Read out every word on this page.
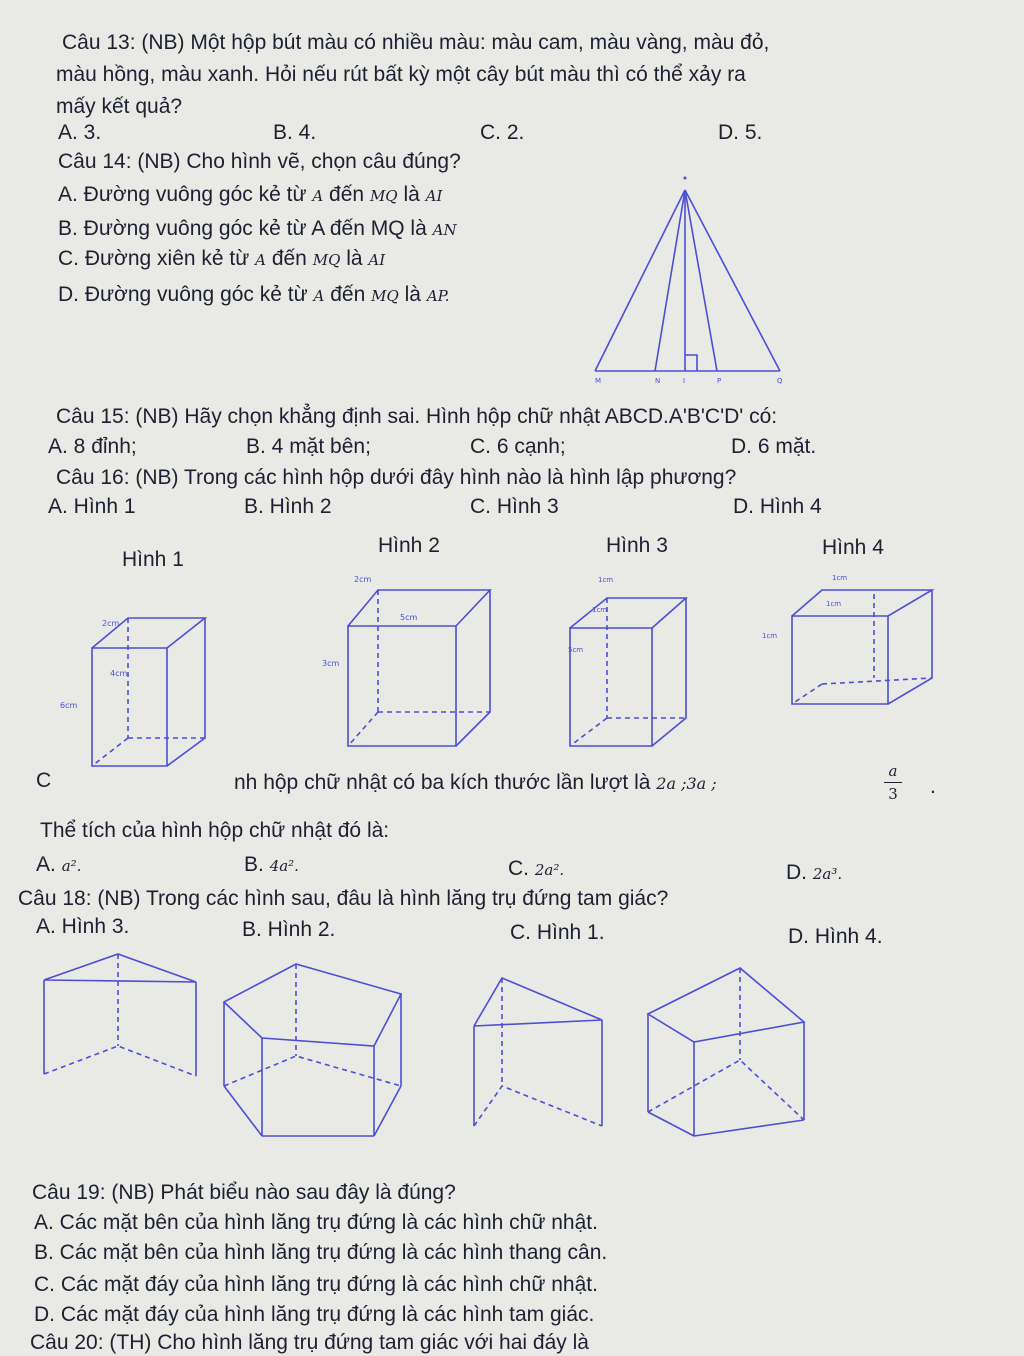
Câu 13: (NB) Một hộp bút màu có nhiều màu: màu cam, màu vàng, màu đỏ,
màu hồng, màu xanh. Hỏi nếu rút bất kỳ một cây bút màu thì có thể xảy ra
mấy kết quả?
A. 3.	B. 4.	C. 2.	D. 5.
Câu 14: (NB) Cho hình vẽ, chọn câu đúng?
A. Đường vuông góc kẻ từ A đến MQ là AI
B. Đường vuông góc kẻ từ A đến MQ là AN
C. Đường xiên kẻ từ A đến MQ là AI
D. Đường vuông góc kẻ từ A đến MQ là AP.
M	N	I	P	Q
Câu 15: (NB) Hãy chọn khẳng định sai. Hình hộp chữ nhật ABCD.A'B'C'D' có:
A. 8 đỉnh;	B. 4 mặt bên;	C. 6 cạnh;	D. 6 mặt.
Câu 16: (NB) Trong các hình hộp dưới đây hình nào là hình lập phương?
A. Hình 1	B. Hình 2	C. Hình 3	D. Hình 4
Hình 1
Hình 2	Hình 3	Hình 4
2cm
4cm
6cm
2cm
5cm
3cm
1cm
1cm
5cm
1cm
1cm
1cm
C	nh hộp chữ nhật có ba kích thước lần lượt là 2a ;3a ;
a
3 .
Thể tích của hình hộp chữ nhật đó là:
A. a².	B. 4a².	C. 2a².	D. 2a³.
Câu 18: (NB) Trong các hình sau, đâu là hình lăng trụ đứng tam giác?
A. Hình 3.	B. Hình 2.	C. Hình 1.	D. Hình 4.
Câu 19: (NB) Phát biểu nào sau đây là đúng?
A. Các mặt bên của hình lăng trụ đứng là các hình chữ nhật.
B. Các mặt bên của hình lăng trụ đứng là các hình thang cân.
C. Các mặt đáy của hình lăng trụ đứng là các hình chữ nhật.
D. Các mặt đáy của hình lăng trụ đứng là các hình tam giác.
Câu 20: (TH) Cho hình lăng trụ đứng tam giác với hai đáy là
